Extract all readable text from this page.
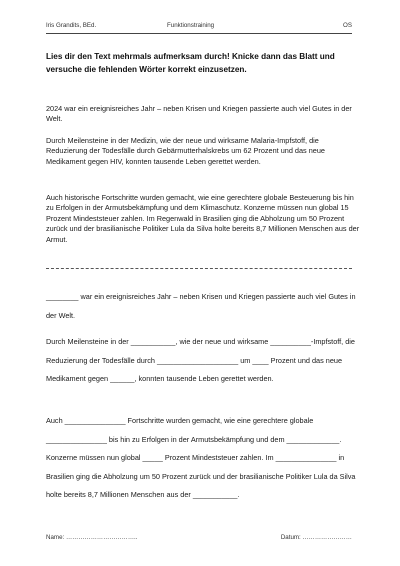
Iris Grandits, BEd.	Funktionstraining	OS
Lies dir den Text mehrmals aufmerksam durch! Knicke dann das Blatt und versuche die fehlenden Wörter korrekt einzusetzen.
2024 war ein ereignisreiches Jahr – neben Krisen und Kriegen passierte auch viel Gutes in der Welt.
Durch Meilensteine in der Medizin, wie der neue und wirksame Malaria-Impfstoff, die Reduzierung der Todesfälle durch Gebärmutterhalskrebs um 62 Prozent und das neue Medikament gegen HIV, konnten tausende Leben gerettet werden.
Auch historische Fortschritte wurden gemacht, wie eine gerechtere globale Besteuerung bis hin zu Erfolgen in der Armutsbekämpfung und dem Klimaschutz. Konzerne müssen nun global 15 Prozent Mindeststeuer zahlen. Im Regenwald in Brasilien ging die Abholzung um 50 Prozent zurück und der brasilianische Politiker Lula da Silva holte bereits 8,7 Millionen Menschen aus der Armut.
________ war ein ereignisreiches Jahr – neben Krisen und Kriegen passierte auch viel Gutes in der Welt.
Durch Meilensteine in der ___________, wie der neue und wirksame __________-Impfstoff, die Reduzierung der Todesfälle durch ____________________ um ____ Prozent und das neue Medikament gegen ______, konnten tausende Leben gerettet werden.
Auch _______________ Fortschritte wurden gemacht, wie eine gerechtere globale _______________ bis hin zu Erfolgen in der Armutsbekämpfung und dem _____________. Konzerne müssen nun global _____ Prozent Mindeststeuer zahlen. Im _______________ in Brasilien ging die Abholzung um 50 Prozent zurück und der brasilianische Politiker Lula da Silva holte bereits 8,7 Millionen Menschen aus der ___________.
Name: ……………………………..	Datum: ……………………
